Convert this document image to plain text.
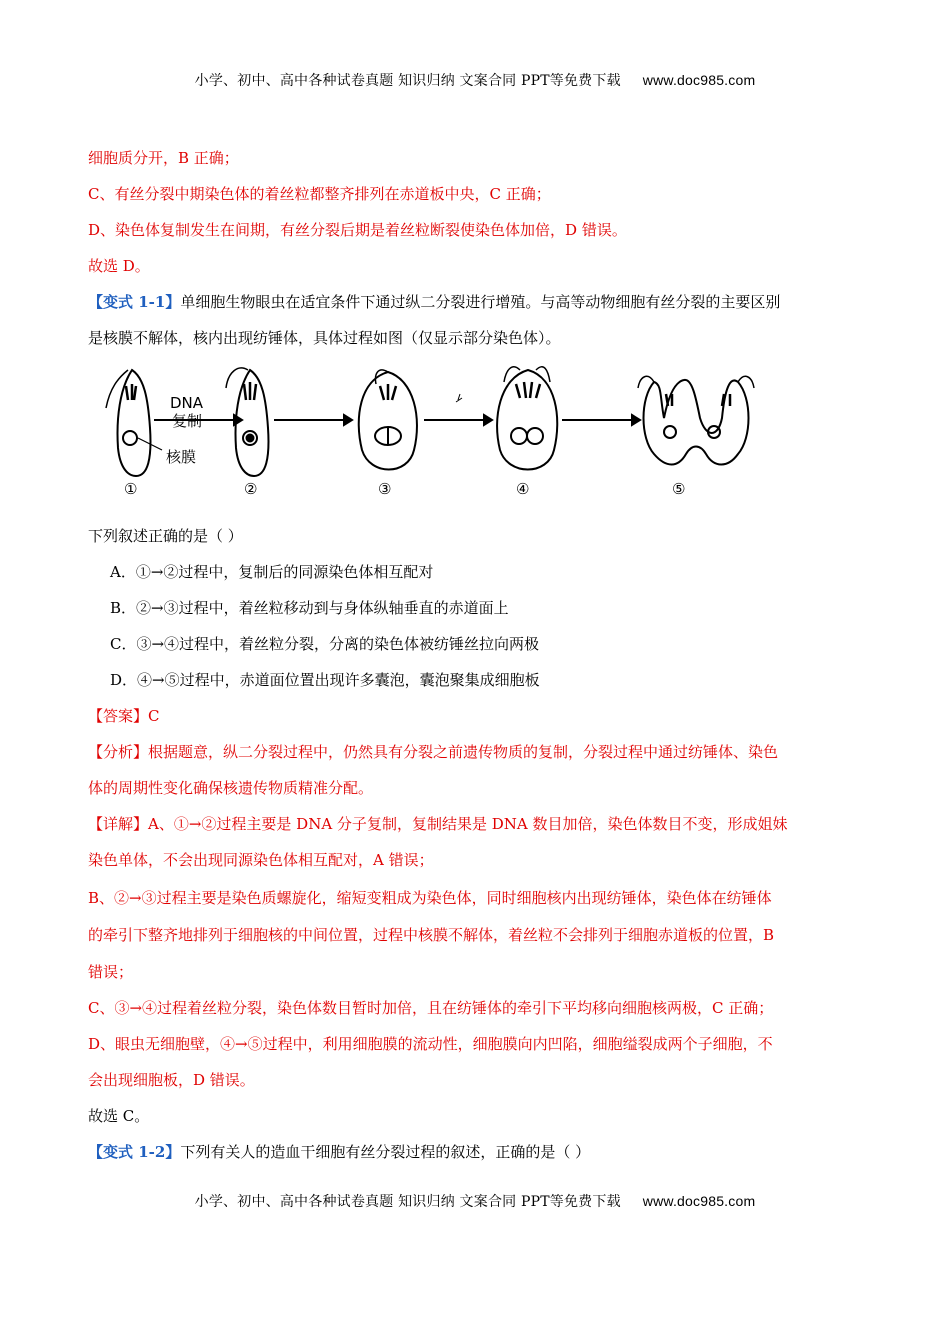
小学、初中、高中各种试卷真题 知识归纳 文案合同 PPT等免费下载 www.doc985.com
细胞质分开，B 正确；
C、有丝分裂中期染色体的着丝粒都整齐排列在赤道板中央，C 正确；
D、染色体复制发生在间期，有丝分裂后期是着丝粒断裂使染色体加倍，D 错误。
故选 D。
【变式 1-1】单细胞生物眼虫在适宜条件下通过纵二分裂进行增殖。与高等动物细胞有丝分裂的主要区别
是核膜不解体，核内出现纺锤体，具体过程如图（仅显示部分染色体）。
DNA
复制
核膜
①	②	③	④	⑤
下列叙述正确的是（ ）
A．①→②过程中，复制后的同源染色体相互配对
B．②→③过程中，着丝粒移动到与身体纵轴垂直的赤道面上
C．③→④过程中，着丝粒分裂，分离的染色体被纺锤丝拉向两极
D．④→⑤过程中，赤道面位置出现许多囊泡，囊泡聚集成细胞板
【答案】C
【分析】根据题意，纵二分裂过程中，仍然具有分裂之前遗传物质的复制，分裂过程中通过纺锤体、染色
体的周期性变化确保核遗传物质精准分配。
【详解】A、①→②过程主要是 DNA 分子复制，复制结果是 DNA 数目加倍，染色体数目不变，形成姐妹
染色单体，不会出现同源染色体相互配对，A 错误；
B、②→③过程主要是染色质螺旋化，缩短变粗成为染色体，同时细胞核内出现纺锤体，染色体在纺锤体
的牵引下整齐地排列于细胞核的中间位置，过程中核膜不解体，着丝粒不会排列于细胞赤道板的位置，B
错误；
C、③→④过程着丝粒分裂，染色体数目暂时加倍，且在纺锤体的牵引下平均移向细胞核两极，C 正确；
D、眼虫无细胞壁，④→⑤过程中，利用细胞膜的流动性，细胞膜向内凹陷，细胞缢裂成两个子细胞，不
会出现细胞板，D 错误。
故选 C。
【变式 1-2】下列有关人的造血干细胞有丝分裂过程的叙述，正确的是（ ）
小学、初中、高中各种试卷真题 知识归纳 文案合同 PPT等免费下载 www.doc985.com
